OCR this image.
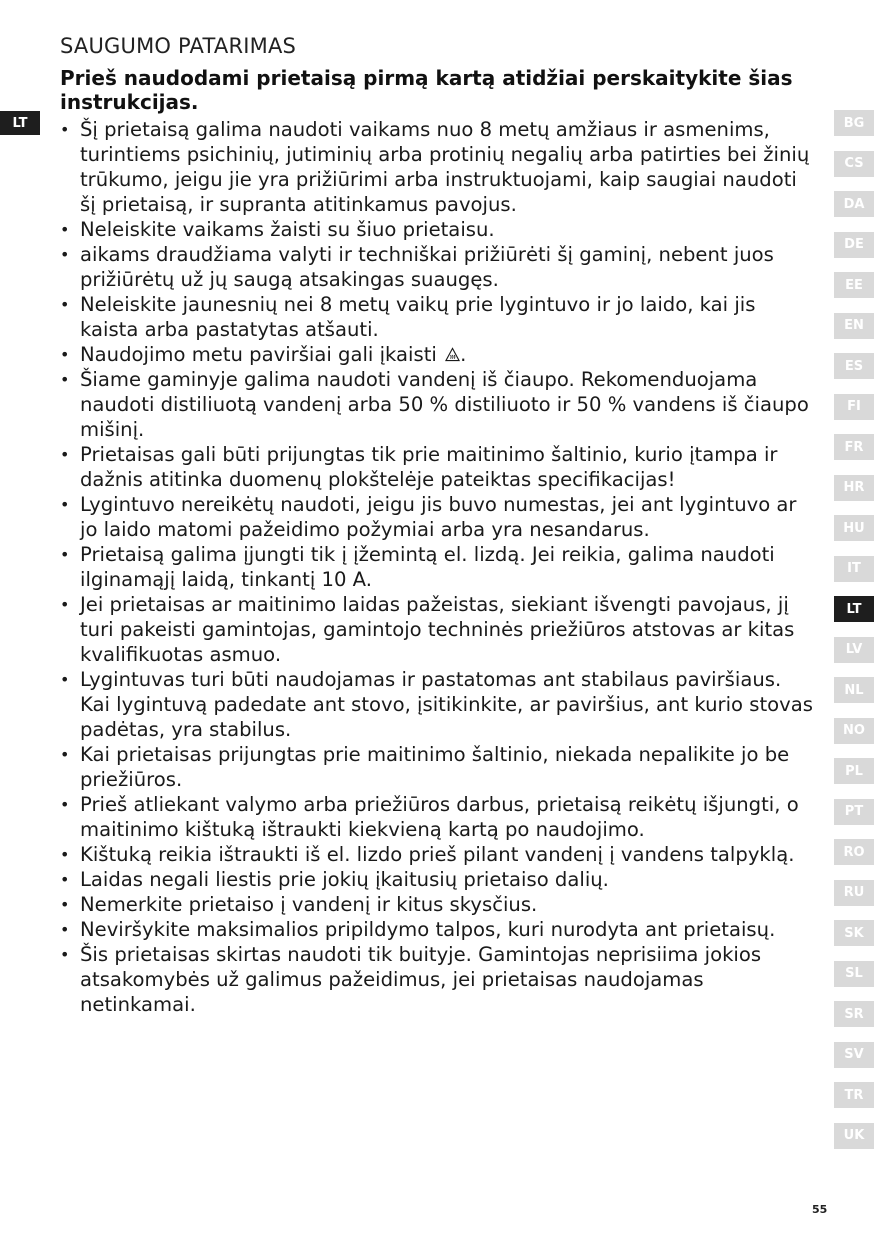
LT
SAUGUMO PATARIMAS

Prieš naudodami prietaisą pirmą kartą atidžiai perskaitykite šias instrukcijas.

• Šį prietaisą galima naudoti vaikams nuo 8 metų amžiaus ir asmenims, turintiems psichinių, jutiminių arba protinių negalių arba patirties bei žinių trūkumo, jeigu jie yra prižiūrimi arba instruktuojami, kaip saugiai naudoti šį prietaisą, ir supranta atitinkamus pavojus.
• Neleiskite vaikams žaisti su šiuo prietaisu.
• aikams draudžiama valyti ir techniškai prižiūrėti šį gaminį, nebent juos prižiūrėtų už jų saugą atsakingas suaugęs.
• Neleiskite jaunesnių nei 8 metų vaikų prie lygintuvo ir jo laido, kai jis kaista arba pastatytas atšauti.
• Naudojimo metu paviršiai gali įkaisti .
• Šiame gaminyje galima naudoti vandenį iš čiaupo. Rekomenduojama naudoti distiliuotą vandenį arba 50 % distiliuoto ir 50 % vandens iš čiaupo mišinį.
• Prietaisas gali būti prijungtas tik prie maitinimo šaltinio, kurio įtampa ir dažnis atitinka duomenų plokštelėje pateiktas specifikacijas!
• Lygintuvo nereikėtų naudoti, jeigu jis buvo numestas, jei ant lygintuvo ar jo laido matomi pažeidimo požymiai arba yra nesandarus.
• Prietaisą galima įjungti tik į įžemintą el. lizdą. Jei reikia, galima naudoti ilginamąjį laidą, tinkantį 10 A.
• Jei prietaisas ar maitinimo laidas pažeistas, siekiant išvengti pavojaus, jį turi pakeisti gamintojas, gamintojo techninės priežiūros atstovas ar kitas kvalifikuotas asmuo.
• Lygintuvas turi būti naudojamas ir pastatomas ant stabilaus paviršiaus. Kai lygintuvą padedate ant stovo, įsitikinkite, ar paviršius, ant kurio stovas padėtas, yra stabilus.
• Kai prietaisas prijungtas prie maitinimo šaltinio, niekada nepalikite jo be priežiūros.
• Prieš atliekant valymo arba priežiūros darbus, prietaisą reikėtų išjungti, o maitinimo kištuką ištraukti kiekvieną kartą po naudojimo.
• Kištuką reikia ištraukti iš el. lizdo prieš pilant vandenį į vandens talpyklą.
• Laidas negali liestis prie jokių įkaitusių prietaiso dalių.
• Nemerkite prietaiso į vandenį ir kitus skysčius.
• Neviršykite maksimalios pripildymo talpos, kuri nurodyta ant prietaisų.
• Šis prietaisas skirtas naudoti tik buityje. Gamintojas neprisiima jokios atsakomybės už galimus pažeidimus, jei prietaisas naudojamas netinkamai.
BG
CS
DA
DE
EE
EN
ES
FI
FR
HR
HU
IT
LT
LV
NL
NO
PL
PT
RO
RU
SK
SL
SR
SV
TR
UK
55
